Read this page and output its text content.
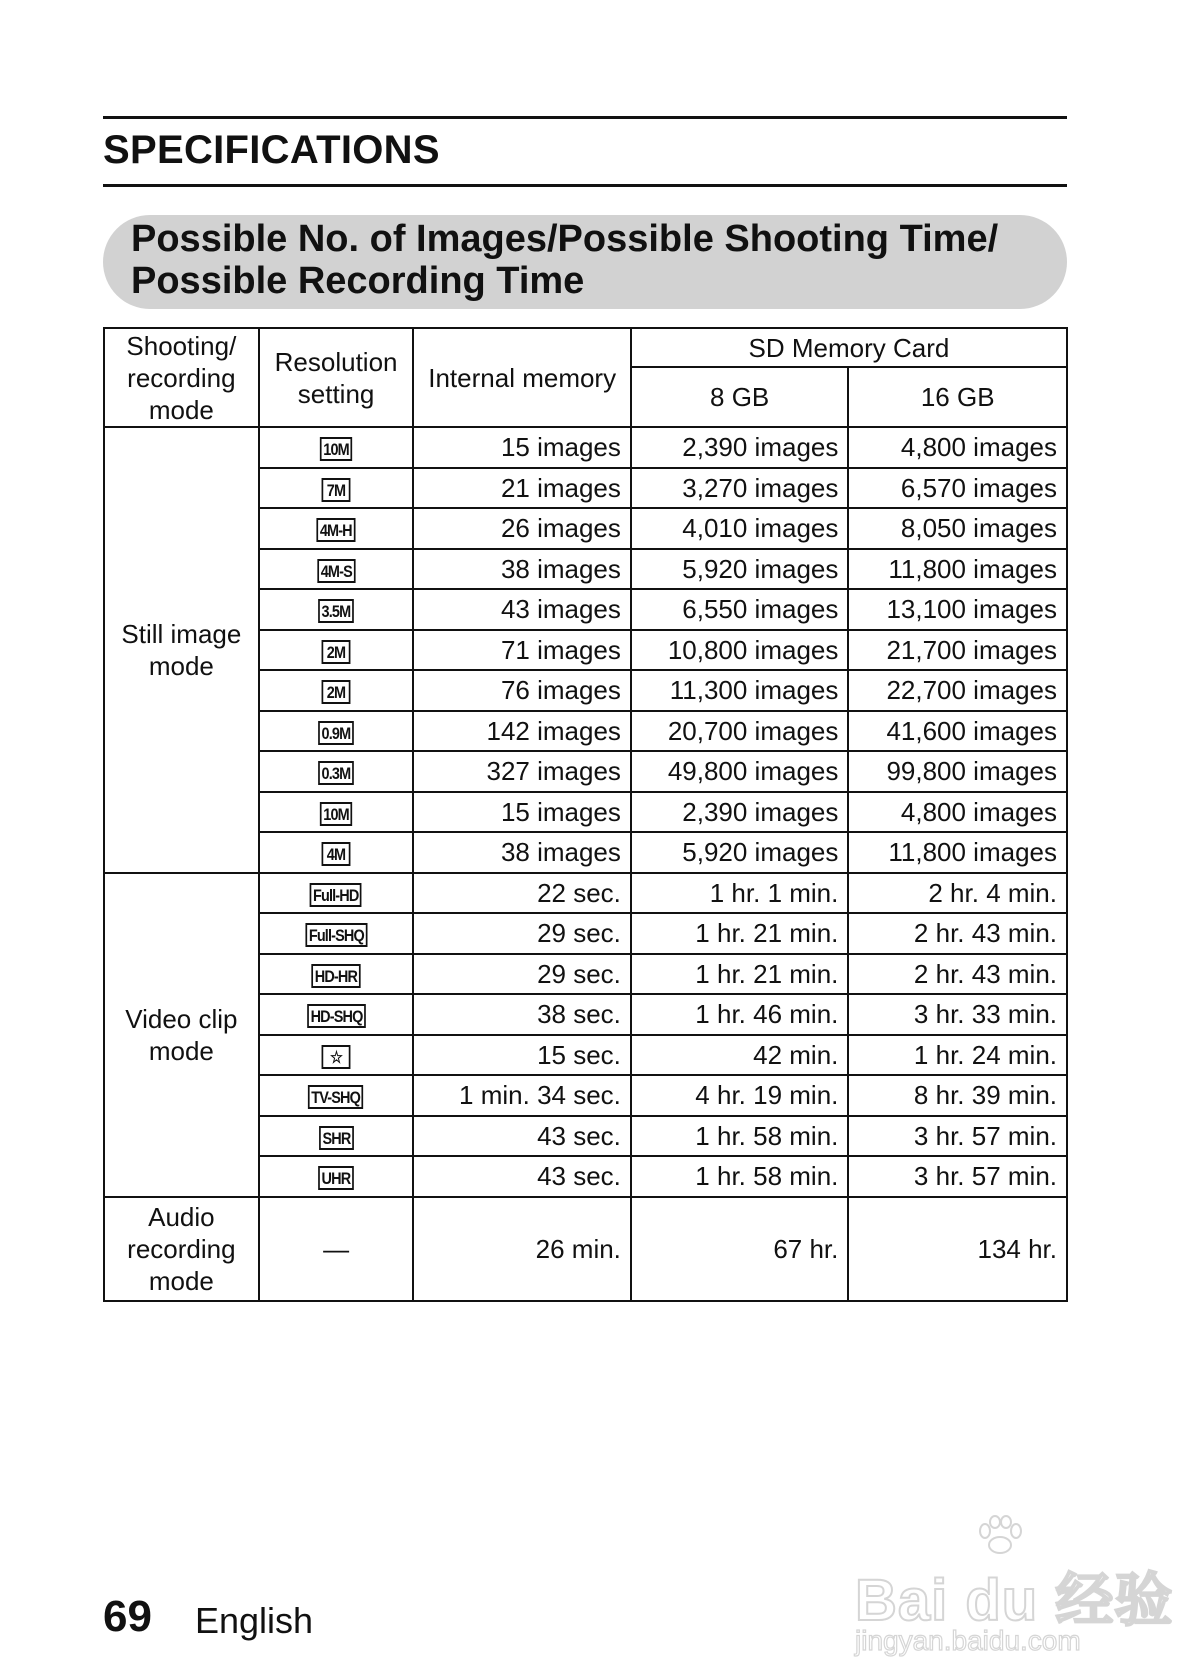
SPECIFICATIONS
Possible No. of Images/Possible Shooting Time/
Possible Recording Time
Shooting/ recording mode	Resolution setting	Internal memory	SD Memory Card	
			8 GB	16 GB
Still image mode	10M	15 images	2,390 images	4,800 images
	7M	21 images	3,270 images	6,570 images
	4M-H	26 images	4,010 images	8,050 images
	4M-S	38 images	5,920 images	11,800 images
	3.5M	43 images	6,550 images	13,100 images
	2M	71 images	10,800 images	21,700 images
	2M	76 images	11,300 images	22,700 images
	0.9M	142 images	20,700 images	41,600 images
	0.3M	327 images	49,800 images	99,800 images
	10M	15 images	2,390 images	4,800 images
	4M	38 images	5,920 images	11,800 images
Video clip mode	Full-HD	22 sec.	1 hr. 1 min.	2 hr. 4 min.
	Full-SHQ	29 sec.	1 hr. 21 min.	2 hr. 43 min.
	HD-HR	29 sec.	1 hr. 21 min.	2 hr. 43 min.
	HD-SHQ	38 sec.	1 hr. 46 min.	3 hr. 33 min.
	☆	15 sec.	42 min.	1 hr. 24 min.
	TV-SHQ	1 min. 34 sec.	4 hr. 19 min.	8 hr. 39 min.
	SHR	43 sec.	1 hr. 58 min.	3 hr. 57 min.
	UHR	43 sec.	1 hr. 58 min.	3 hr. 57 min.
Audio recording mode	—	26 min.	67 hr.	134 hr.
69 English	Bai du 经验
jingyan.baidu.com
